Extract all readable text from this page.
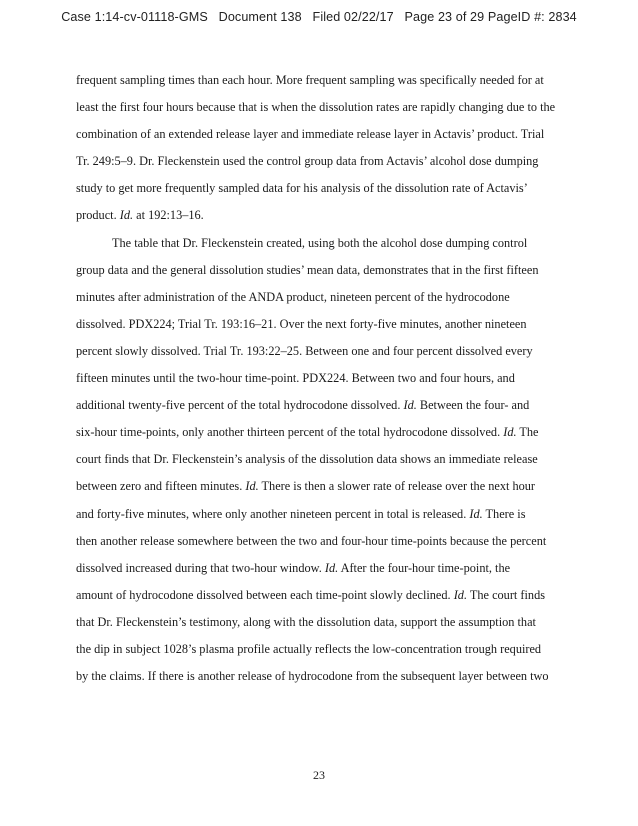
Case 1:14-cv-01118-GMS   Document 138   Filed 02/22/17   Page 23 of 29 PageID #: 2834
frequent sampling times than each hour. More frequent sampling was specifically needed for at
least the first four hours because that is when the dissolution rates are rapidly changing due to the
combination of an extended release layer and immediate release layer in Actavis’ product. Trial
Tr. 249:5–9. Dr. Fleckenstein used the control group data from Actavis’ alcohol dose dumping
study to get more frequently sampled data for his analysis of the dissolution rate of Actavis’
product. Id. at 192:13–16.
The table that Dr. Fleckenstein created, using both the alcohol dose dumping control
group data and the general dissolution studies’ mean data, demonstrates that in the first fifteen
minutes after administration of the ANDA product, nineteen percent of the hydrocodone
dissolved. PDX224; Trial Tr. 193:16–21. Over the next forty-five minutes, another nineteen
percent slowly dissolved. Trial Tr. 193:22–25. Between one and four percent dissolved every
fifteen minutes until the two-hour time-point. PDX224. Between two and four hours, and
additional twenty-five percent of the total hydrocodone dissolved. Id. Between the four- and
six-hour time-points, only another thirteen percent of the total hydrocodone dissolved. Id. The
court finds that Dr. Fleckenstein’s analysis of the dissolution data shows an immediate release
between zero and fifteen minutes. Id. There is then a slower rate of release over the next hour
and forty-five minutes, where only another nineteen percent in total is released. Id. There is
then another release somewhere between the two and four-hour time-points because the percent
dissolved increased during that two-hour window. Id. After the four-hour time-point, the
amount of hydrocodone dissolved between each time-point slowly declined. Id. The court finds
that Dr. Fleckenstein’s testimony, along with the dissolution data, support the assumption that
the dip in subject 1028’s plasma profile actually reflects the low-concentration trough required
by the claims. If there is another release of hydrocodone from the subsequent layer between two
23
